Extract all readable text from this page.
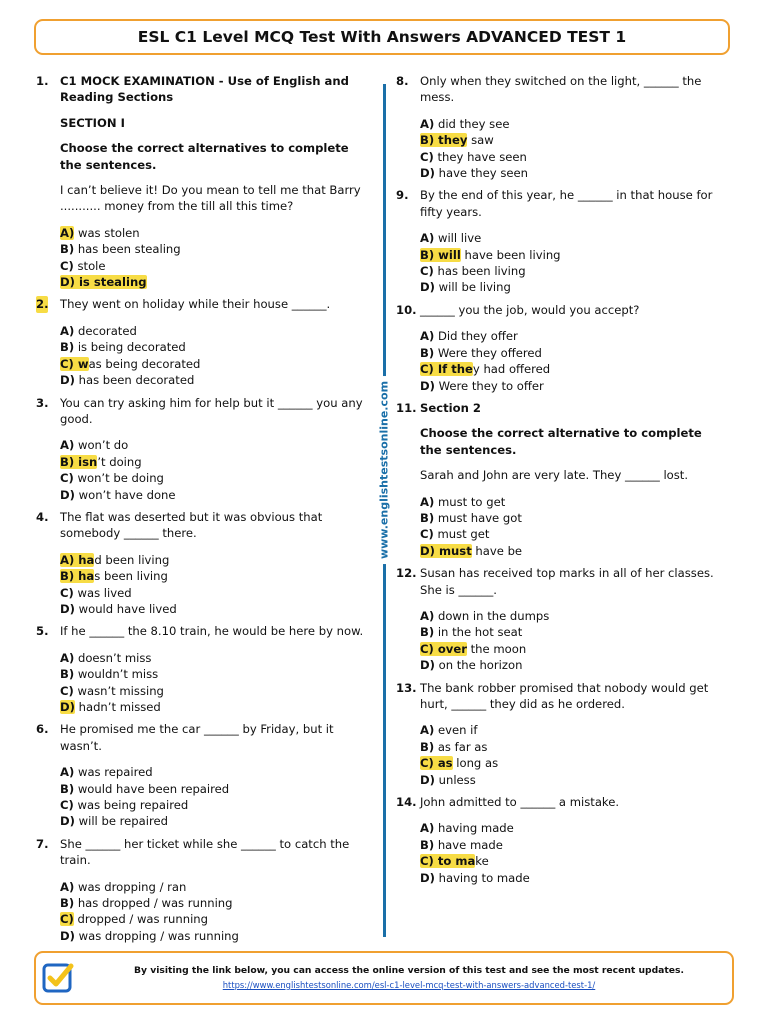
ESL C1 Level MCQ Test With Answers ADVANCED TEST 1
1. C1 MOCK EXAMINATION - Use of English and Reading Sections
SECTION I
Choose the correct alternatives to complete the sentences.
I can’t believe it! Do you mean to tell me that Barry ........... money from the till all this time?
A) was stolen
B) has been stealing
C) stole
D) is stealing
2. They went on holiday while their house ______.
A) decorated
B) is being decorated
C) was being decorated
D) has been decorated
3. You can try asking him for help but it ______ you any good.
A) won’t do
B) isn’t doing
C) won’t be doing
D) won’t have done
4. The flat was deserted but it was obvious that somebody ______ there.
A) had been living
B) has been living
C) was lived
D) would have lived
5. If he ______ the 8.10 train, he would be here by now.
A) doesn’t miss
B) wouldn’t miss
C) wasn’t missing
D) hadn’t missed
6. He promised me the car ______ by Friday, but it wasn’t.
A) was repaired
B) would have been repaired
C) was being repaired
D) will be repaired
7. She ______ her ticket while she ______ to catch the train.
A) was dropping / ran
B) has dropped / was running
C) dropped / was running
D) was dropping / was running
www.englishtestsonline.com
8. Only when they switched on the light, ______ the mess.
A) did they see
B) they saw
C) they have seen
D) have they seen
9. By the end of this year, he ______ in that house for fifty years.
A) will live
B) will have been living
C) has been living
D) will be living
10. ______ you the job, would you accept?
A) Did they offer
B) Were they offered
C) If they had offered
D) Were they to offer
11. Section 2
Choose the correct alternative to complete the sentences.
Sarah and John are very late. They ______ lost.
A) must to get
B) must have got
C) must get
D) must have be
12. Susan has received top marks in all of her classes. She is ______.
A) down in the dumps
B) in the hot seat
C) over the moon
D) on the horizon
13. The bank robber promised that nobody would get hurt, ______ they did as he ordered.
A) even if
B) as far as
C) as long as
D) unless
14. John admitted to ______ a mistake.
A) having made
B) have made
C) to make
D) having to made
By visiting the link below, you can access the online version of this test and see the most recent updates.
https://www.englishtestsonline.com/esl-c1-level-mcq-test-with-answers-advanced-test-1/
